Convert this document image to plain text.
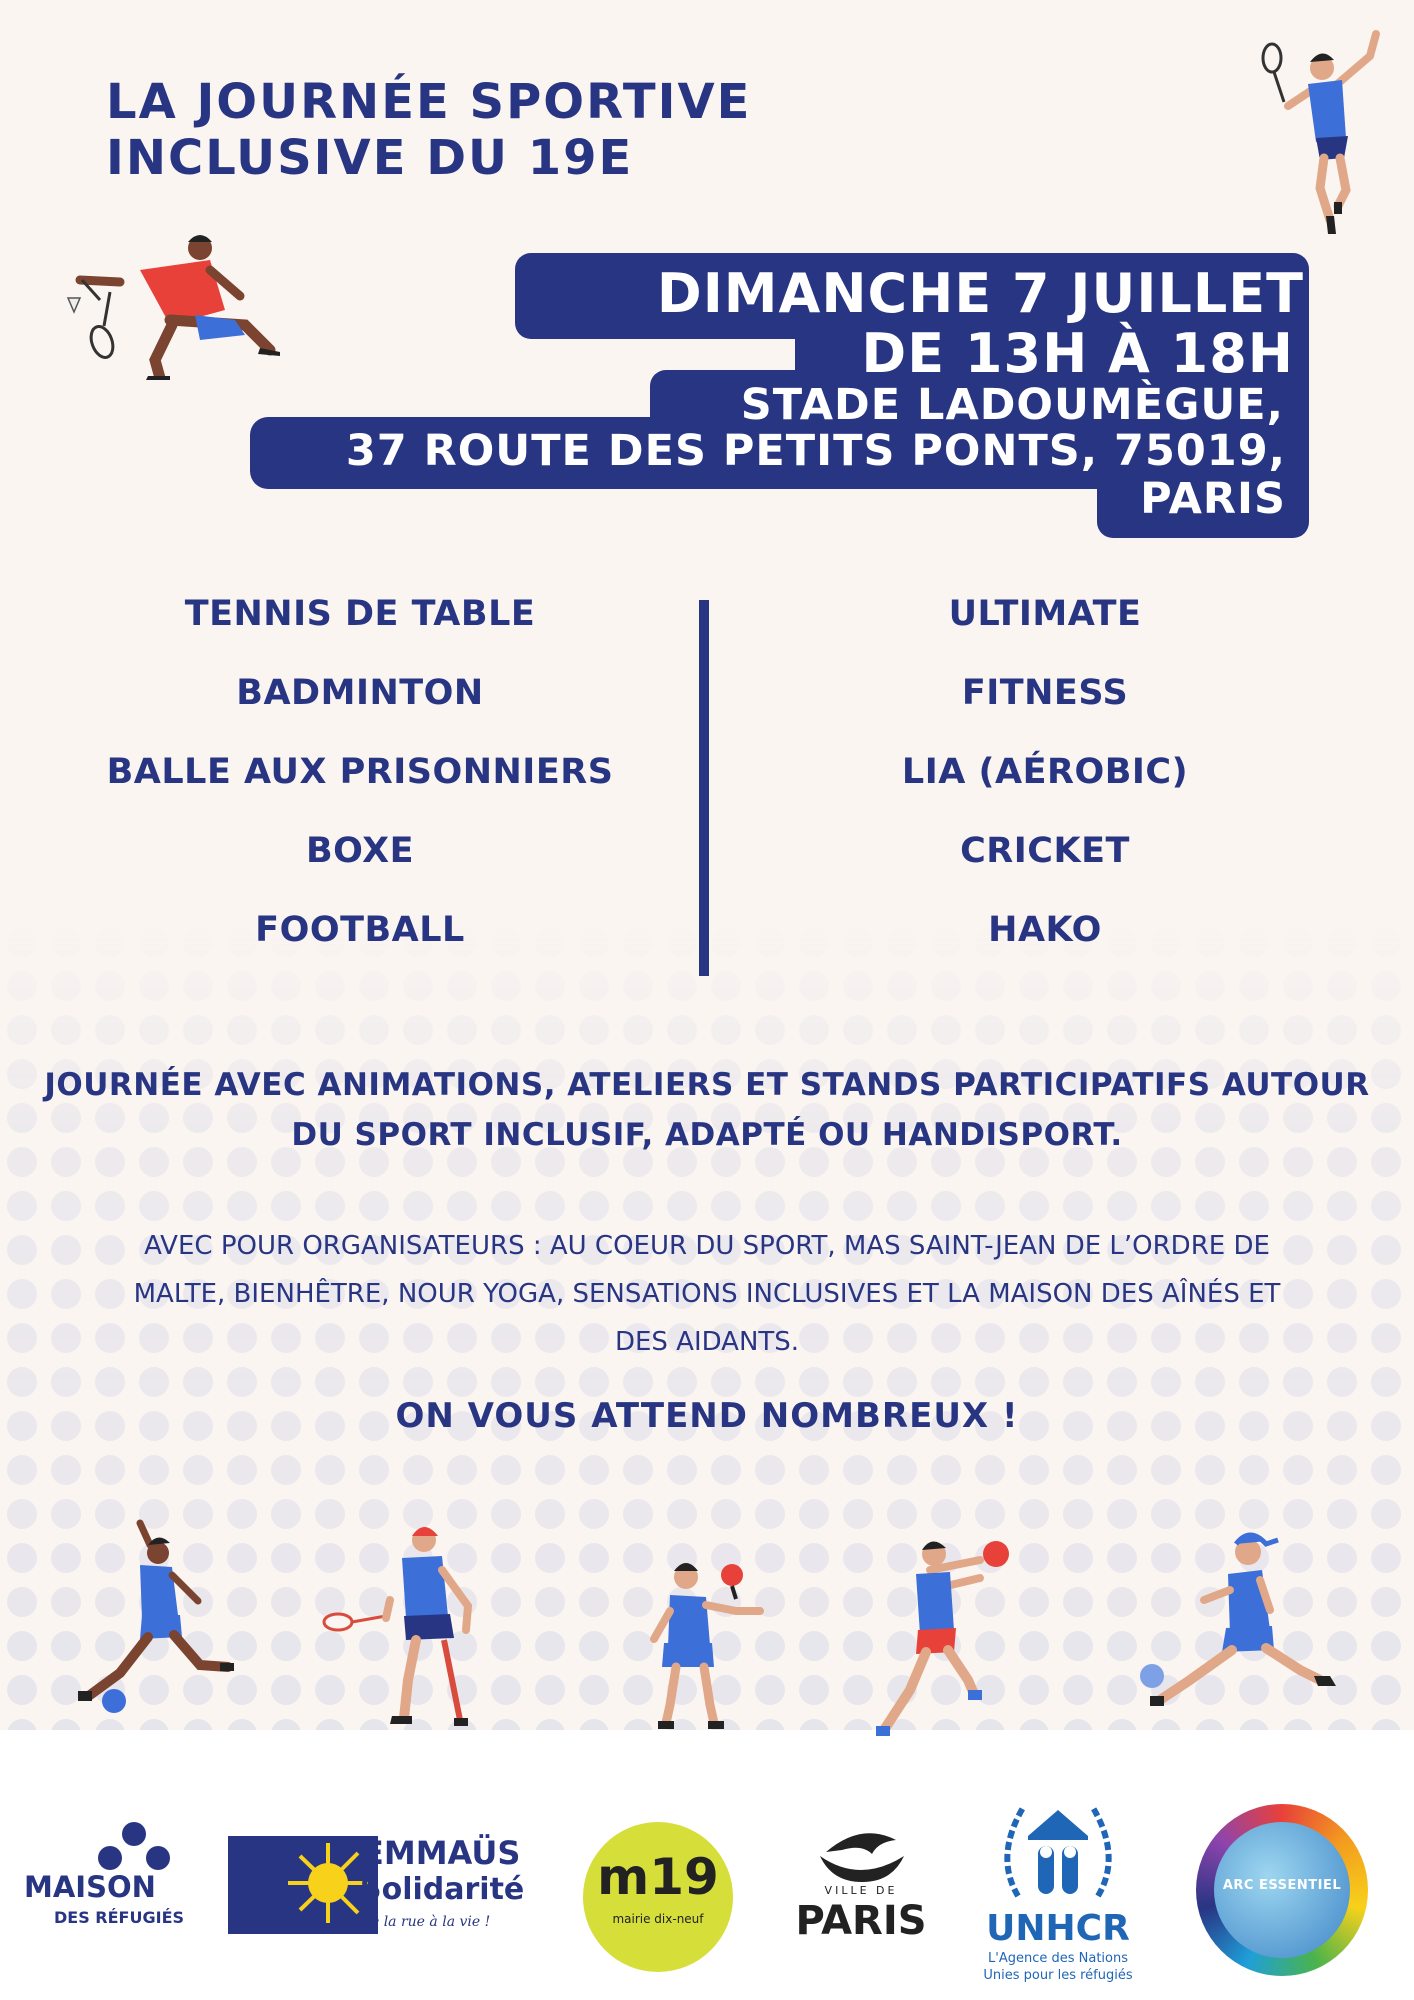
LA JOURNÉE SPORTIVE
INCLUSIVE DU 19E
DIMANCHE 7 JUILLET
DE 13H À 18H
STADE LADOUMÈGUE,
37 ROUTE DES PETITS PONTS, 75019,
PARIS
TENNIS DE TABLE
BADMINTON
BALLE AUX PRISONNIERS
BOXE
FOOTBALL
ULTIMATE
FITNESS
LIA (AÉROBIC)
CRICKET
HAKO
JOURNÉE AVEC ANIMATIONS, ATELIERS ET STANDS PARTICIPATIFS AUTOUR
DU SPORT INCLUSIF, ADAPTÉ OU HANDISPORT.
AVEC POUR ORGANISATEURS : AU COEUR DU SPORT, MAS SAINT-JEAN DE L’ORDRE DE
MALTE, BIENHÊTRE, NOUR YOGA, SENSATIONS INCLUSIVES ET LA MAISON DES AÎNÉS ET
DES AIDANTS.
ON VOUS ATTEND NOMBREUX !
MAISON
DES RÉFUGIÉS
EMMAÜS
Solidarité
de la rue à la vie !
m19
mairie dix-neuf
VILLE DE
PARIS	UNHCR
L'Agence des Nations
Unies pour les réfugiés
ARC ESSENTIEL
